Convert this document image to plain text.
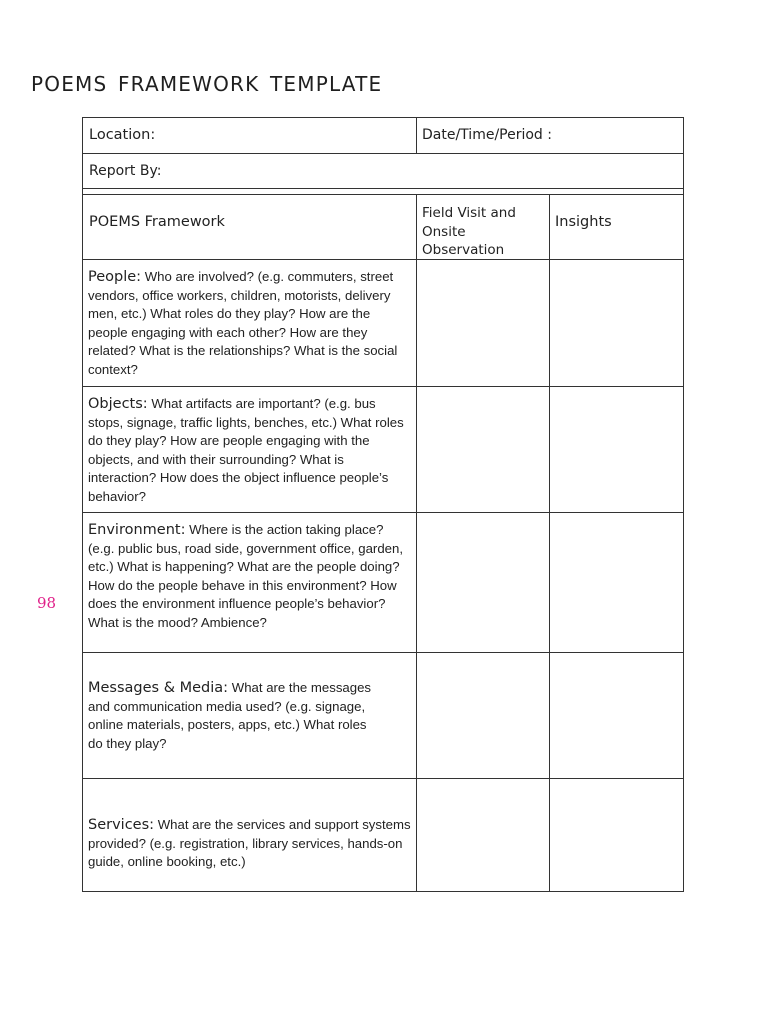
POEMS FRAMEWORK TEMPLATE
98
Location:	Date/Time/Period :
Report By:
POEMS Framework
Field Visit and Onsite Observation
Insights
People: Who are involved? (e.g. commuters, street vendors, office workers, children, motorists, delivery men, etc.) What roles do they play? How are the people engaging with each other? How are they related? What is the relationships? What is the social context?
Objects: What artifacts are important? (e.g. bus stops, signage, traffic lights, benches, etc.) What roles do they play? How are people engaging with the objects, and with their surrounding? What is interaction? How does the object influence people’s behavior?
Environment: Where is the action taking place? (e.g. public bus, road side, government office, garden, etc.) What is happening? What are the people doing? How do the people behave in this environment? How does the environment influence people’s behavior? What is the mood? Ambience?
Messages & Media: What are the messages and communication media used? (e.g. signage, online materials, posters, apps, etc.) What roles do they play?
Services: What are the services and support systems provided? (e.g. registration, library services, hands-on guide, online booking, etc.)
